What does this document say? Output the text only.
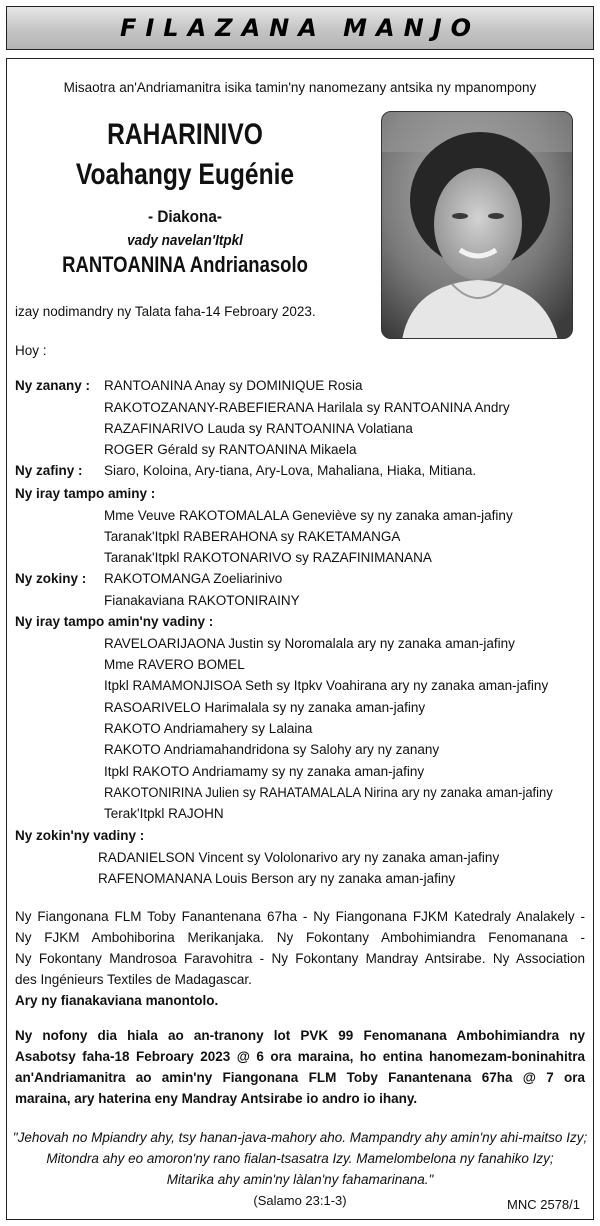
FILAZANA MANJO
Misaotra an'Andriamanitra isika tamin'ny nanomezany antsika ny mpanompony
RAHARINIVO
Voahangy Eugénie
- Diakona-
vady navelan'Itpkl
RANTOANINA Andrianasolo
izay nodimandry ny Talata faha-14 Febroary 2023.
Hoy :
Ny zanany : RANTOANINA Anay sy DOMINIQUE Rosia
RAKOTOZANANY-RABEFIERANA Harilala sy RANTOANINA Andry
RAZAFINARIVO Lauda sy RANTOANINA Volatiana
ROGER Gérald sy RANTOANINA Mikaela
Ny zafiny : Siaro, Koloina, Ary-tiana, Ary-Lova, Mahaliana, Hiaka, Mitiana.
Ny iray tampo aminy :
Mme Veuve RAKOTOMALALA Geneviève sy ny zanaka aman-jafiny
Taranak'Itpkl RABERAHONA sy RAKETAMANGA
Taranak'Itpkl RAKOTONARIVO sy RAZAFINIMANANA
Ny zokiny : RAKOTOMANGA Zoeliarinivo
Fianakaviana RAKOTONIRAINY
Ny iray tampo amin'ny vadiny :
RAVELOARIJAONA Justin sy Noromalala ary ny zanaka aman-jafiny
Mme RAVERO BOMEL
Itpkl RAMAMONJISOA Seth sy Itpkv Voahirana ary ny zanaka aman-jafiny
RASOARIVELO Harimalala sy ny zanaka aman-jafiny
RAKOTO Andriamahery sy Lalaina
RAKOTO Andriamahandridona sy Salohy ary ny zanany
Itpkl RAKOTO Andriamamy sy ny zanaka aman-jafiny
RAKOTONIRINA Julien sy RAHATAMALALA Nirina ary ny zanaka aman-jafiny
Terak'Itpkl RAJOHN
Ny zokin'ny vadiny :
RADANIELSON Vincent sy Vololonarivo ary ny zanaka aman-jafiny
RAFENOMANANA Louis Berson ary ny zanaka aman-jafiny
Ny Fiangonana FLM Toby Fanantenana 67ha - Ny Fiangonana FJKM Katedraly Analakely -
Ny FJKM Ambohiborina Merikanjaka. Ny Fokontany Ambohimiandra Fenomanana -
Ny Fokontany Mandrosoa Faravohitra - Ny Fokontany Mandray Antsirabe. Ny Association
des Ingénieurs Textiles de Madagascar.
Ary ny fianakaviana manontolo.
Ny nofony dia hiala ao an-tranony lot PVK 99 Fenomanana Ambohimiandra ny
Asabotsy faha-18 Febroary 2023 @ 6 ora maraina, ho entina hanomezam-boninahitra
an'Andriamanitra ao amin'ny Fiangonana FLM Toby Fanantenana 67ha @ 7 ora
maraina, ary haterina eny Mandray Antsirabe io andro io ihany.
"Jehovah no Mpiandry ahy, tsy hanan-java-mahory aho. Mampandry ahy amin'ny ahi-maitso Izy;
Mitondra ahy eo amoron'ny rano fialan-tsasatra Izy. Mamelombelona ny fanahiko Izy;
Mitarika ahy amin'ny làlan'ny fahamarinana."
(Salamo 23:1-3)	MNC 2578/1
